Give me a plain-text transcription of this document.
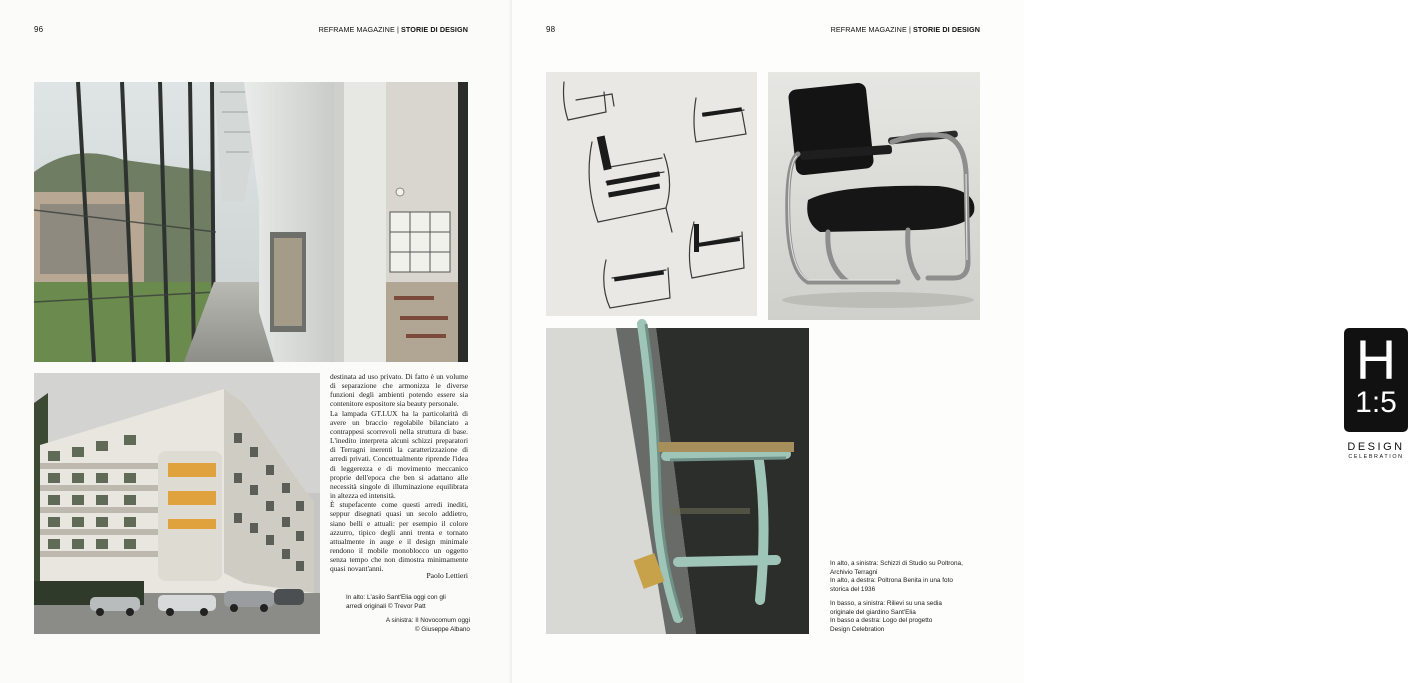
96	REFRAME MAGAZINE | STORIE DI DESIGN

destinata ad uso privato. Di fatto è un volume di separazione che armonizza le diverse funzioni degli ambienti potendo essere sia contenitore espositore sia beauty personale.

La lampada GT.LUX ha la particolarità di avere un braccio regolabile bilanciato a contrappesi scorrevoli nella struttura di base. L'inedito interpreta alcuni schizzi preparatori di Terragni inerenti la caratterizzazione di arredi privati. Concettualmente riprende l'idea di leggerezza e di movimento meccanico proprie dell'epoca che ben si adattano alle necessità singole di illuminazione equilibrata in altezza ed intensità.

È stupefacente come questi arredi inediti, seppur disegnati quasi un secolo addietro, siano belli e attuali: per esempio il colore azzurro, tipico degli anni trenta e tornato attualmente in auge e il design minimale rendono il mobile monoblocco un oggetto senza tempo che non dimostra minimamente quasi novant'anni.

Paolo Lettieri
In alto: L'asilo Sant'Elia oggi con gli
arredi originali © Trevor Patt
A sinistra: Il Novocomum oggi
© Giuseppe Albano
98	REFRAME MAGAZINE | STORIE DI DESIGN
H
1:5
DESIGN
CELEBRATION
In alto, a sinistra: Schizzi di Studio su Poltrona,
Archivio Terragni
In alto, a destra: Poltrona Benita in una foto
storica del 1936
In basso, a sinistra: Rilievi su una sedia
originale del giardino Sant'Elia
In basso a destra: Logo del progetto
Design Celebration
